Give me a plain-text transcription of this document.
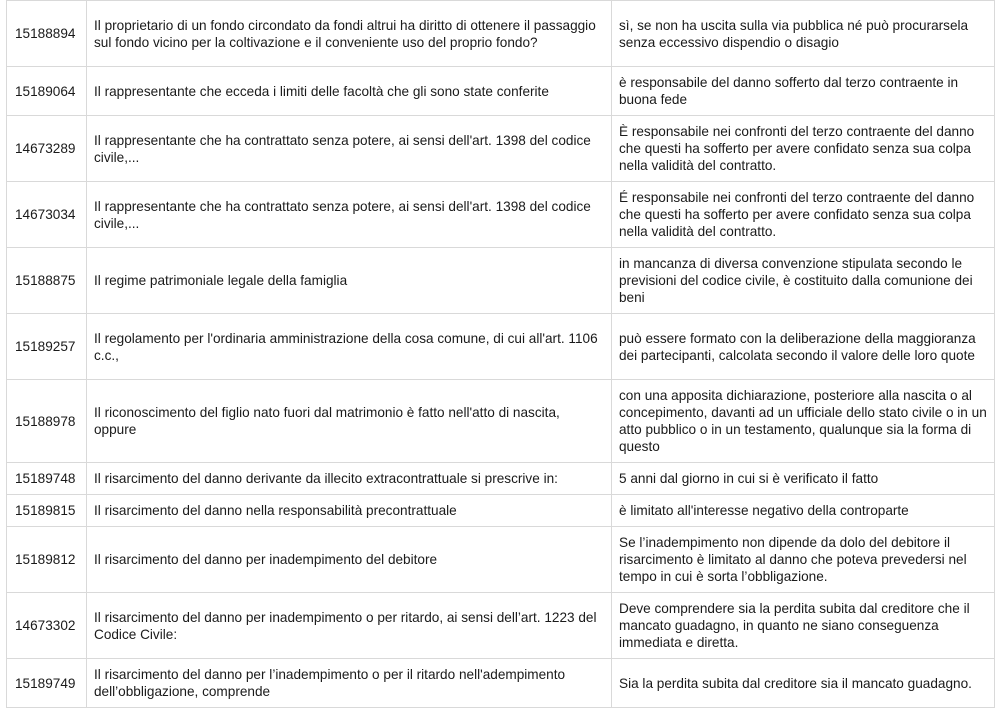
15188894	Il proprietario di un fondo circondato da fondi altrui ha diritto di ottenere il passaggio sul fondo vicino per la coltivazione e il conveniente uso del proprio fondo?	sì, se non ha uscita sulla via pubblica né può procurarsela senza eccessivo dispendio o disagio
15189064	Il rappresentante che ecceda i limiti delle facoltà che gli sono state conferite	è responsabile del danno sofferto dal terzo contraente in buona fede
14673289	Il rappresentante che ha contrattato senza potere, ai sensi dell'art. 1398 del codice civile,...	È responsabile nei confronti del terzo contraente del danno che questi ha sofferto per avere confidato senza sua colpa nella validità del contratto.
14673034	Il rappresentante che ha contrattato senza potere, ai sensi dell'art. 1398 del codice civile,...	É responsabile nei confronti del terzo contraente del danno che questi ha sofferto per avere confidato senza sua colpa nella validità del contratto.
15188875	Il regime patrimoniale legale della famiglia	in mancanza di diversa convenzione stipulata secondo le previsioni del codice civile, è costituito dalla comunione dei beni
15189257	Il regolamento per l'ordinaria amministrazione della cosa comune, di cui all'art. 1106 c.c.,	può essere formato con la deliberazione della maggioranza dei partecipanti, calcolata secondo il valore delle loro quote
15188978	Il riconoscimento del figlio nato fuori dal matrimonio è fatto nell'atto di nascita, oppure	con una apposita dichiarazione, posteriore alla nascita o al concepimento, davanti ad un ufficiale dello stato civile o in un atto pubblico o in un testamento, qualunque sia la forma di questo
15189748	Il risarcimento del danno derivante da illecito extracontrattuale si prescrive in:	5 anni dal giorno in cui si è verificato il fatto
15189815	Il risarcimento del danno nella responsabilità precontrattuale	è limitato all'interesse negativo della controparte
15189812	Il risarcimento del danno per inadempimento del debitore	Se l’inadempimento non dipende da dolo del debitore il risarcimento è limitato al danno che poteva prevedersi nel tempo in cui è sorta l’obbligazione.
14673302	Il risarcimento del danno per inadempimento o per ritardo, ai sensi dell’art. 1223 del Codice Civile:	Deve comprendere sia la perdita subita dal creditore che il mancato guadagno, in quanto ne siano conseguenza immediata e diretta.
15189749	Il risarcimento del danno per l’inadempimento o per il ritardo nell'adempimento dell’obbligazione, comprende	Sia la perdita subita dal creditore sia il mancato guadagno.
